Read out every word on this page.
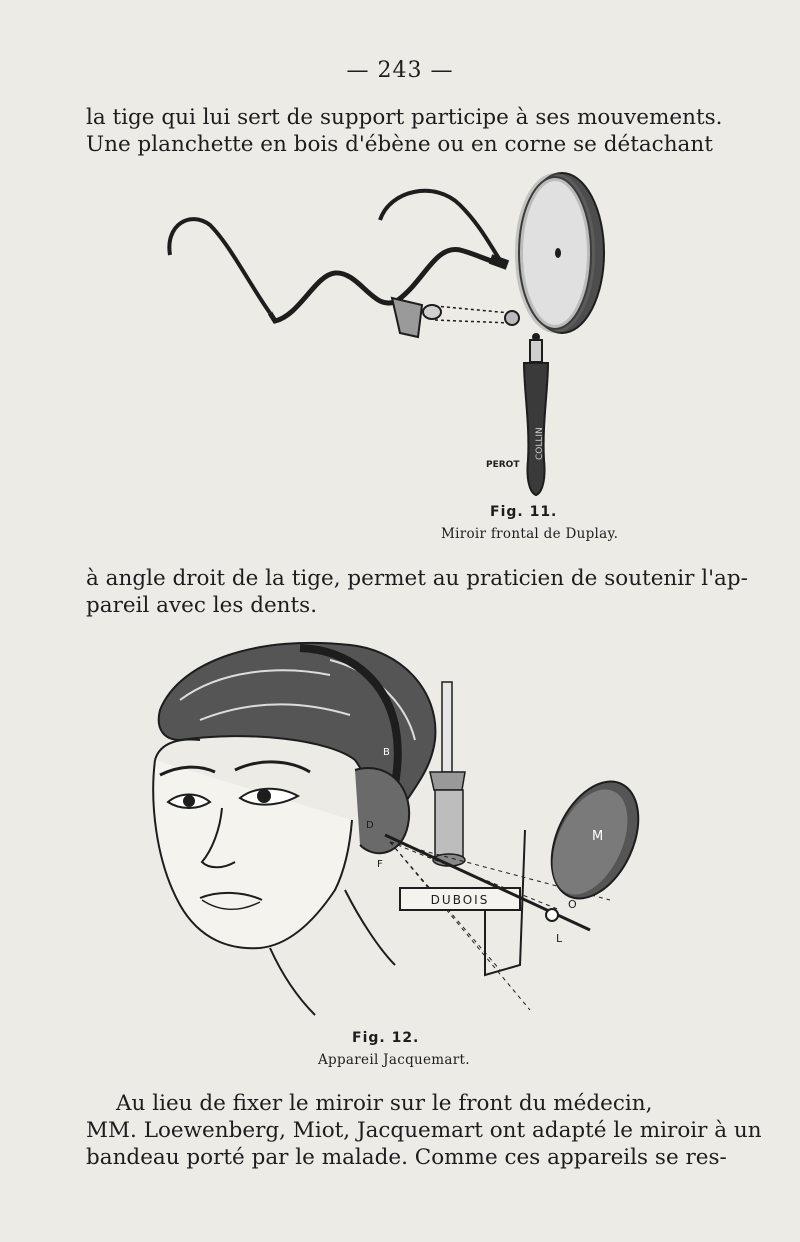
— 243 —

la tige qui lui sert de support participe à ses mouvements.
Une planchette en bois d'ébène ou en corne se détachant

COLLIN
PEROT
Fig. 11.
Miroir frontal de Duplay.

à angle droit de la tige, permet au praticien de soutenir l'ap-
pareil avec les dents.

DUBOIS
M
O
L
B
D
F
Fig. 12.
Appareil Jacquemart.

Au lieu de fixer le miroir sur le front du médecin,
MM. Loewenberg, Miot, Jacquemart ont adapté le miroir à un
bandeau porté par le malade. Comme ces appareils se res-
